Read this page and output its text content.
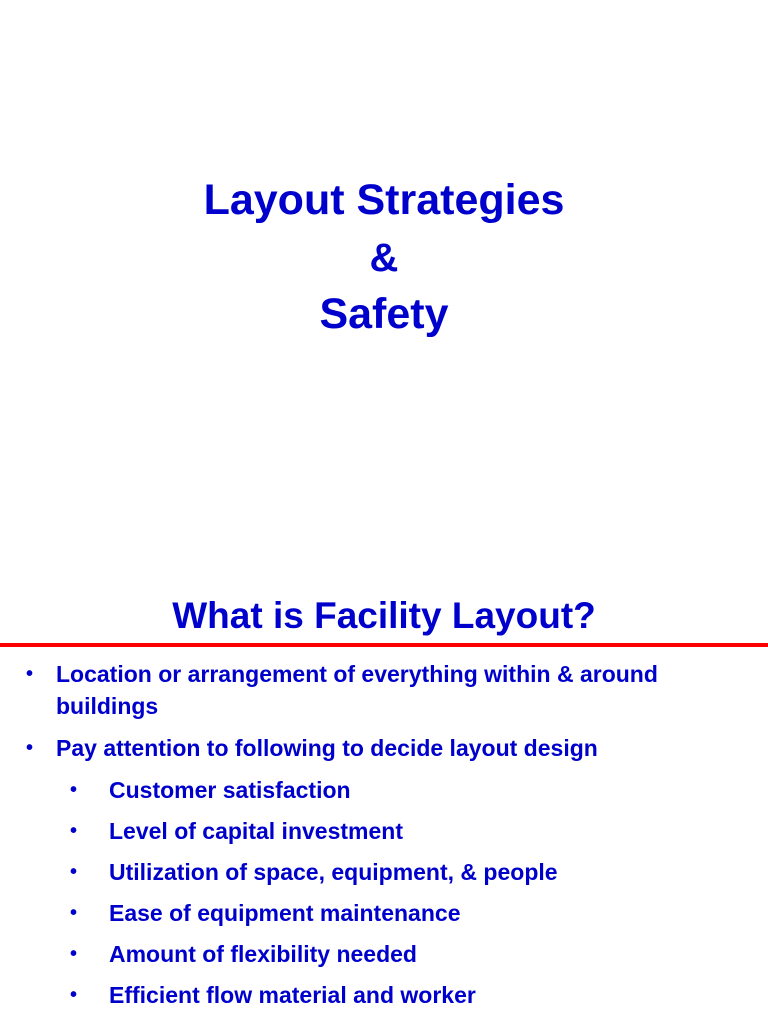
Layout Strategies
&
Safety
What is Facility Layout?
• Location or arrangement of everything within & around
buildings
• Pay attention to following to decide layout design
• Customer satisfaction
• Level of capital investment
• Utilization of space, equipment, & people
• Ease of equipment maintenance
• Amount of flexibility needed
• Efficient flow material and worker
